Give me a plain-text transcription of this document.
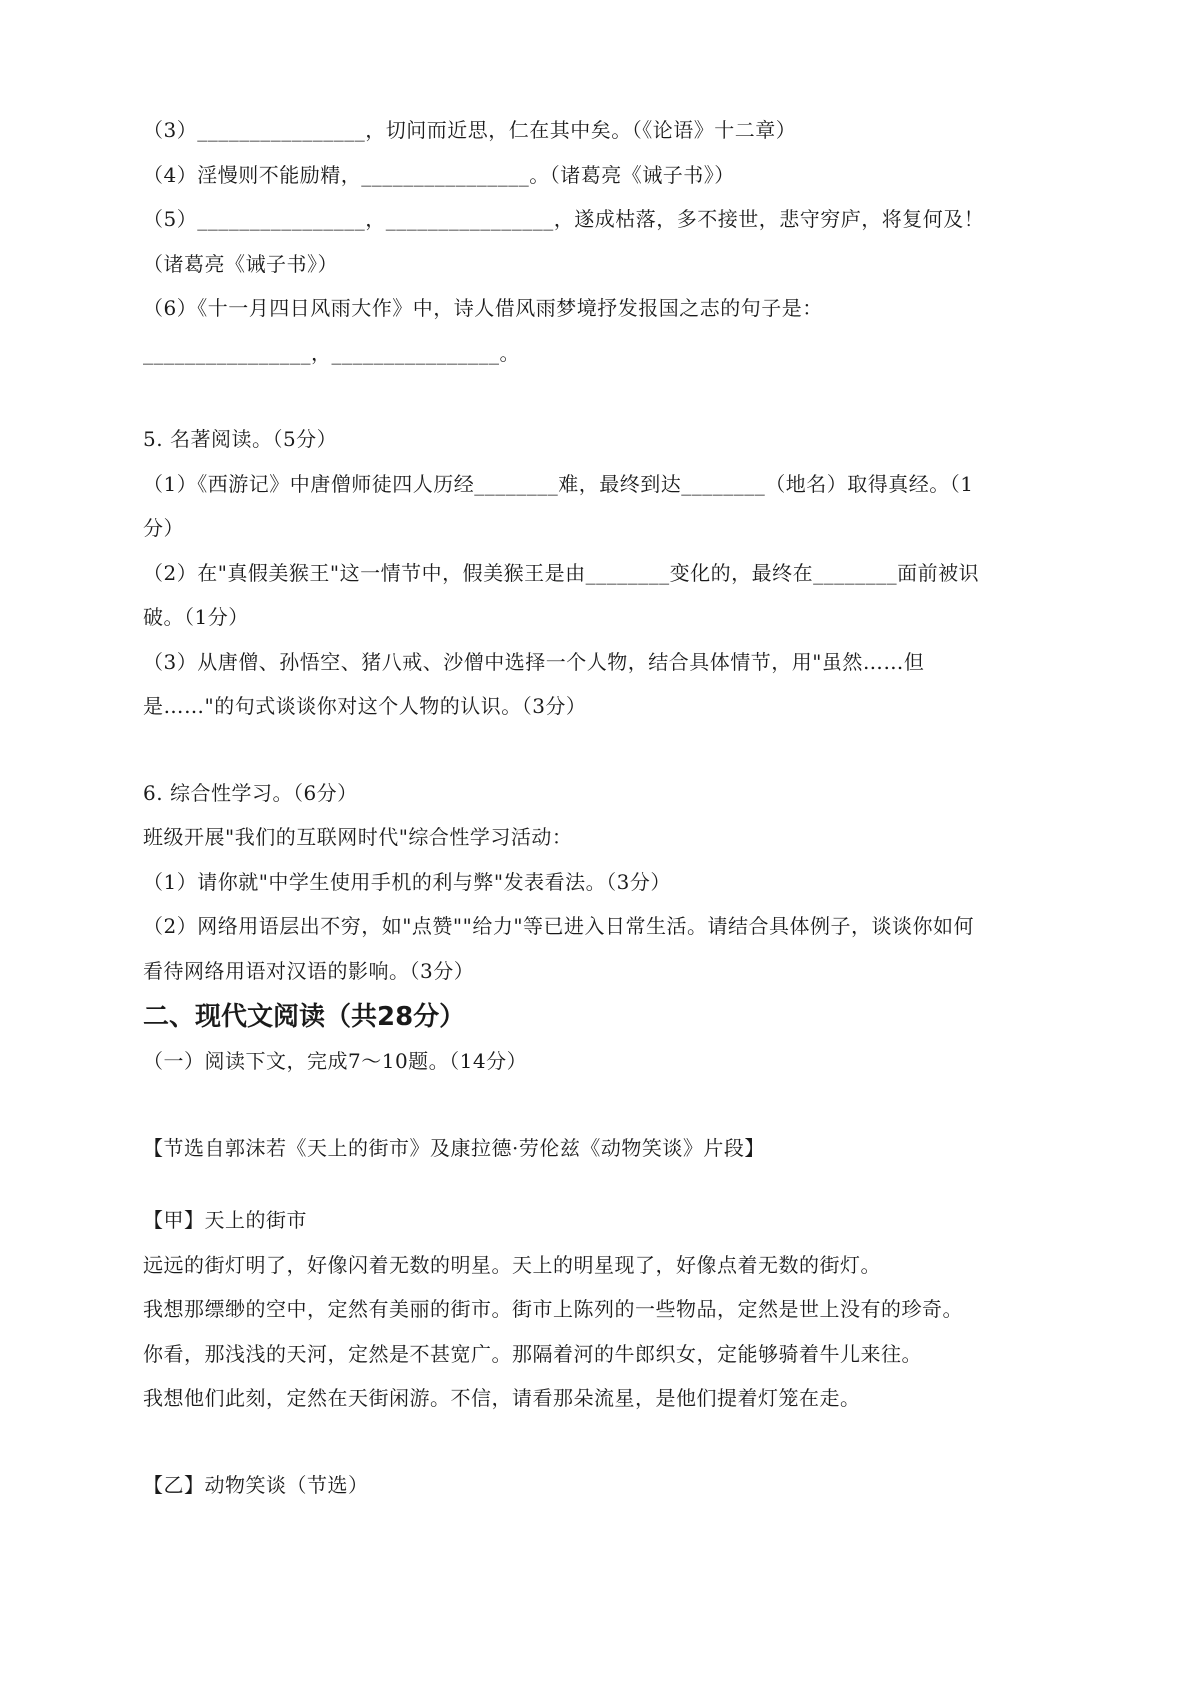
（3）________________，切问而近思，仁在其中矣。（《论语》十二章）
（4）淫慢则不能励精，________________。（诸葛亮《诫子书》）
（5）________________，________________，遂成枯落，多不接世，悲守穷庐，将复何及！
（诸葛亮《诫子书》）
（6）《十一月四日风雨大作》中，诗人借风雨梦境抒发报国之志的句子是：
________________，________________。
5. 名著阅读。（5分）
（1）《西游记》中唐僧师徒四人历经________难，最终到达________（地名）取得真经。（1
分）
（2）在"真假美猴王"这一情节中，假美猴王是由________变化的，最终在________面前被识
破。（1分）
（3）从唐僧、孙悟空、猪八戒、沙僧中选择一个人物，结合具体情节，用"虽然……但
是……"的句式谈谈你对这个人物的认识。（3分）
6. 综合性学习。（6分）
班级开展"我们的互联网时代"综合性学习活动：
（1）请你就"中学生使用手机的利与弊"发表看法。（3分）
（2）网络用语层出不穷，如"点赞""给力"等已进入日常生活。请结合具体例子，谈谈你如何
看待网络用语对汉语的影响。（3分）
二、现代文阅读（共28分）
（一）阅读下文，完成7～10题。（14分）
【节选自郭沫若《天上的街市》及康拉德·劳伦兹《动物笑谈》片段】
【甲】天上的街市
远远的街灯明了，好像闪着无数的明星。天上的明星现了，好像点着无数的街灯。
我想那缥缈的空中，定然有美丽的街市。街市上陈列的一些物品，定然是世上没有的珍奇。
你看，那浅浅的天河，定然是不甚宽广。那隔着河的牛郎织女，定能够骑着牛儿来往。
我想他们此刻，定然在天街闲游。不信，请看那朵流星，是他们提着灯笼在走。
【乙】动物笑谈（节选）
